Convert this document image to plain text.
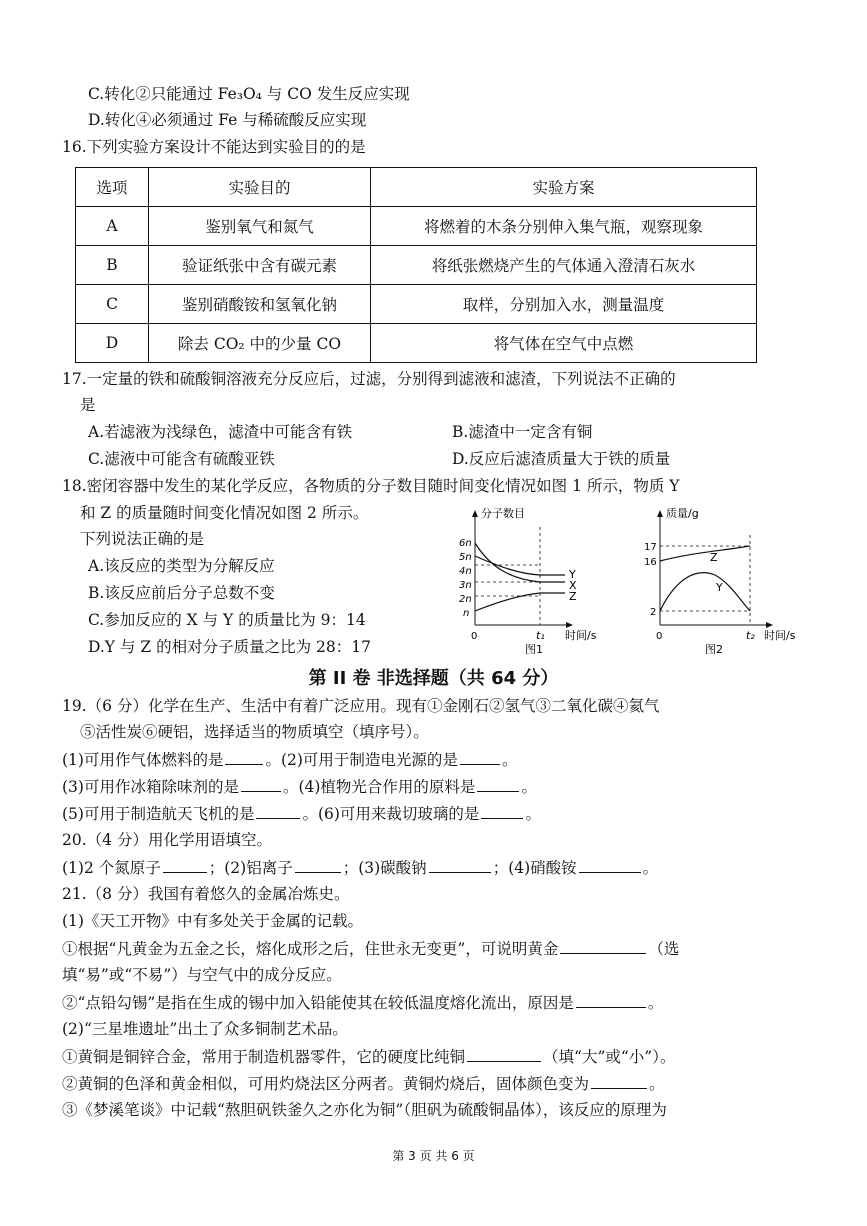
C.转化②只能通过 Fe₃O₄ 与 CO 发生反应实现
D.转化④必须通过 Fe 与稀硫酸反应实现
16.下列实验方案设计不能达到实验目的的是
选项	实验目的	实验方案
A	鉴别氧气和氮气	将燃着的木条分别伸入集气瓶，观察现象
B	验证纸张中含有碳元素	将纸张燃烧产生的气体通入澄清石灰水
C	鉴别硝酸铵和氢氧化钠	取样，分别加入水，测量温度
D	除去 CO₂ 中的少量 CO	将气体在空气中点燃
17.一定量的铁和硫酸铜溶液充分反应后，过滤，分别得到滤液和滤渣，下列说法不正确的
是
A.若滤液为浅绿色，滤渣中可能含有铁	B.滤渣中一定含有铜
C.滤液中可能含有硫酸亚铁	D.反应后滤渣质量大于铁的质量
18.密闭容器中发生的某化学反应，各物质的分子数目随时间变化情况如图 1 所示，物质 Y
和 Z 的质量随时间变化情况如图 2 所示。
下列说法正确的是
A.该反应的类型为分解反应
B.该反应前后分子总数不变
C.参加反应的 X 与 Y 的质量比为 9：14
D.Y 与 Z 的相对分子质量之比为 28：17
分子数目
时间/s
6n
5n
4n
3n
2n
n
0
Y
X
Z
t₁
图1
质量/g
时间/s
17
16
2
0
Z
Y
t₂
图2
第 II 卷 非选择题（共 64 分）
19.（6 分）化学在生产、生活中有着广泛应用。现有①金刚石②氢气③二氧化碳④氦气
⑤活性炭⑥硬铝，选择适当的物质填空（填序号）。
(1)可用作气体燃料的是	。(2)可用于制造电光源的是	。
(3)可用作冰箱除味剂的是	。(4)植物光合作用的原料是	。
(5)可用于制造航天飞机的是	。(6)可用来裁切玻璃的是	。
20.（4 分）用化学用语填空。
(1)2 个氮原子	；(2)铝离子	；(3)碳酸钠	；(4)硝酸铵	。
21.（8 分）我国有着悠久的金属冶炼史。
(1)《天工开物》中有多处关于金属的记载。
①根据“凡黄金为五金之长，熔化成形之后，住世永无变更”，可说明黄金	（选
填“易”或“不易”）与空气中的成分反应。
②“点铅勾锡”是指在生成的锡中加入铅能使其在较低温度熔化流出，原因是	。
(2)“三星堆遗址”出土了众多铜制艺术品。
①黄铜是铜锌合金，常用于制造机器零件，它的硬度比纯铜	（填“大”或“小”）。
②黄铜的色泽和黄金相似，可用灼烧法区分两者。黄铜灼烧后，固体颜色变为	。
③《梦溪笔谈》中记载“熬胆矾铁釜久之亦化为铜”（胆矾为硫酸铜晶体），该反应的原理为
第 3 页 共 6 页
